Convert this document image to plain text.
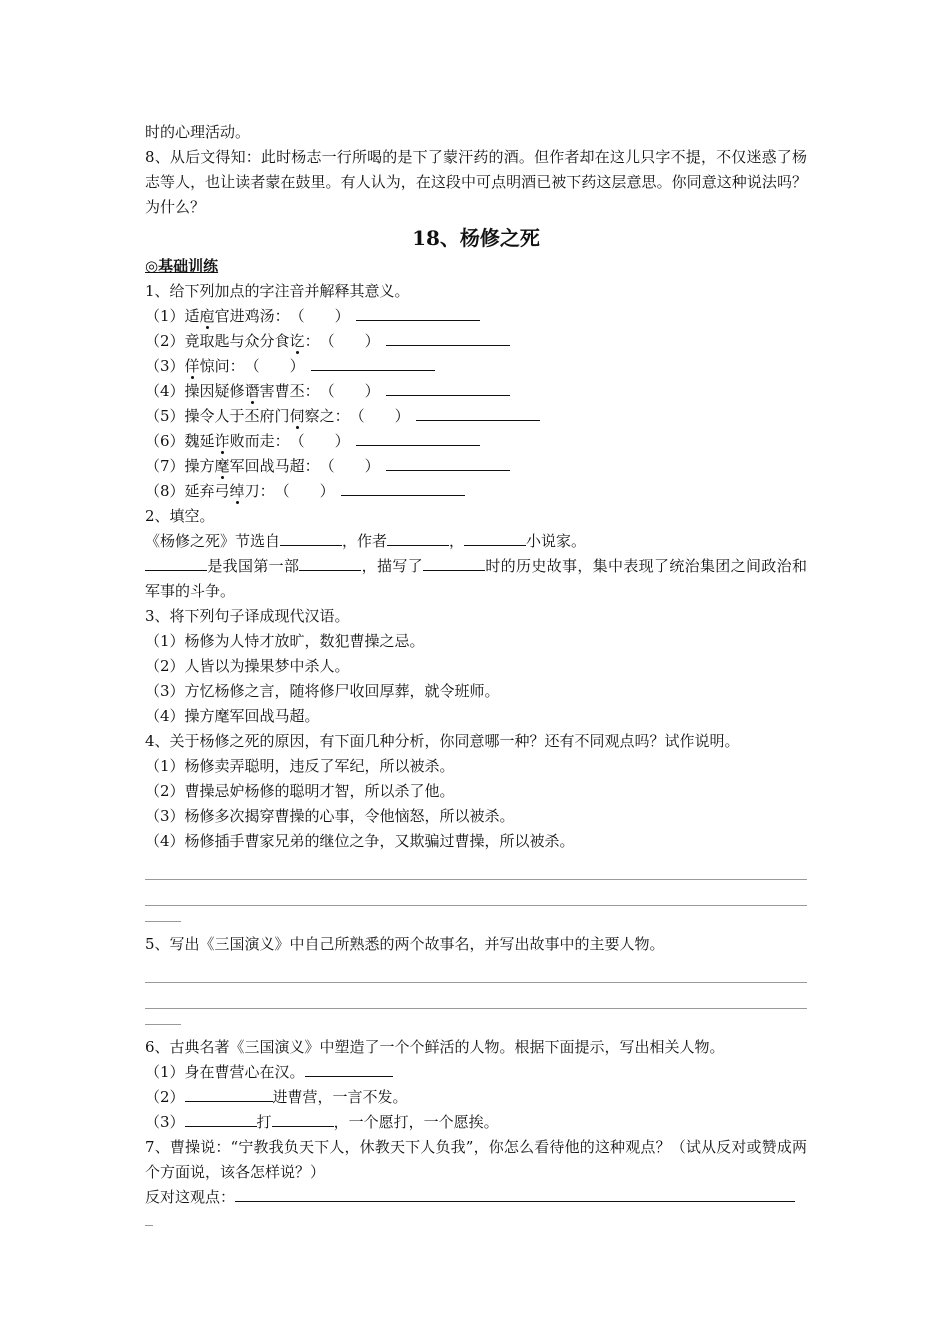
时的心理活动。
8、从后文得知：此时杨志一行所喝的是下了蒙汗药的酒。但作者却在这儿只字不提，不仅迷惑了杨志等人，也让读者蒙在鼓里。有人认为，在这段中可点明酒已被下药这层意思。你同意这种说法吗？为什么？
18、杨修之死
◎基础训练
1、给下列加点的字注音并解释其意义。
（1）适庖官进鸡汤：（　　）
（2）竟取匙与众分食讫：（　　）
（3）佯惊问：（　　）
（4）操因疑修谮害曹丕：（　　）
（5）操令人于丕府门伺察之：（　　）
（6）魏延诈败而走：（　　）
（7）操方麾军回战马超：（　　）
（8）延弃弓绰刀：（　　）
2、填空。
《杨修之死》节选自	，作者	，	小说家。
是我国第一部	，描写了	时的历史故事，集中表现了统治集团之间政治和军事的斗争。
3、将下列句子译成现代汉语。
（1）杨修为人恃才放旷，数犯曹操之忌。
（2）人皆以为操果梦中杀人。
（3）方忆杨修之言，随将修尸收回厚葬，就令班师。
（4）操方麾军回战马超。
4、关于杨修之死的原因，有下面几种分析，你同意哪一种？还有不同观点吗？试作说明。
（1）杨修卖弄聪明，违反了军纪，所以被杀。
（2）曹操忌妒杨修的聪明才智，所以杀了他。
（3）杨修多次揭穿曹操的心事，令他恼怒，所以被杀。
（4）杨修插手曹家兄弟的继位之争，又欺骗过曹操，所以被杀。
5、写出《三国演义》中自己所熟悉的两个故事名，并写出故事中的主要人物。
6、古典名著《三国演义》中塑造了一个个鲜活的人物。根据下面提示，写出相关人物。
（1）身在曹营心在汉。
（2）	进曹营，一言不发。
（3）	打	，一个愿打，一个愿挨。
7、曹操说：“宁教我负天下人，休教天下人负我”，你怎么看待他的这种观点？（试从反对或赞成两个方面说，该各怎样说？）
反对这观点：
